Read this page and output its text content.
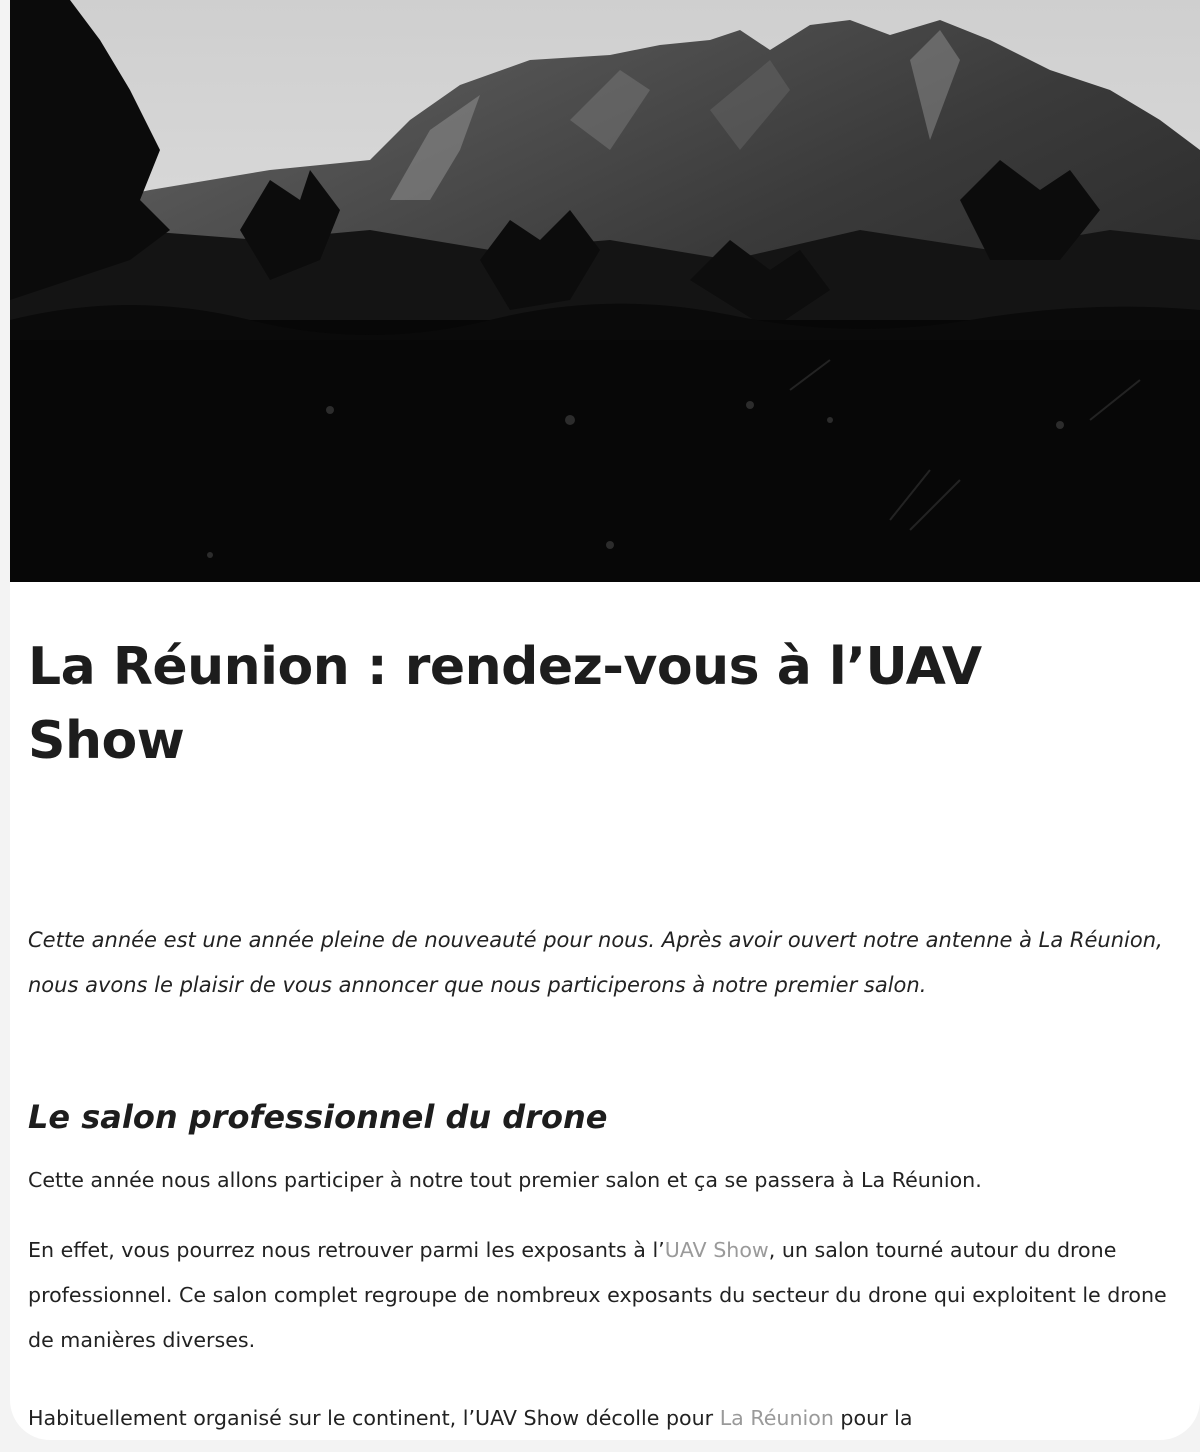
La Réunion : rendez-vous à l’UAV Show

Cette année est une année pleine de nouveauté pour nous. Après avoir ouvert notre antenne à La Réunion, nous avons le plaisir de vous annoncer que nous participerons à notre premier salon.

Le salon professionnel du drone

Cette année nous allons participer à notre tout premier salon et ça se passera à La Réunion.

En effet, vous pourrez nous retrouver parmi les exposants à l’UAV Show, un salon tourné autour du drone professionnel. Ce salon complet regroupe de nombreux exposants du secteur du drone qui exploitent le drone de manières diverses.

Habituellement organisé sur le continent, l’UAV Show décolle pour La Réunion pour la
